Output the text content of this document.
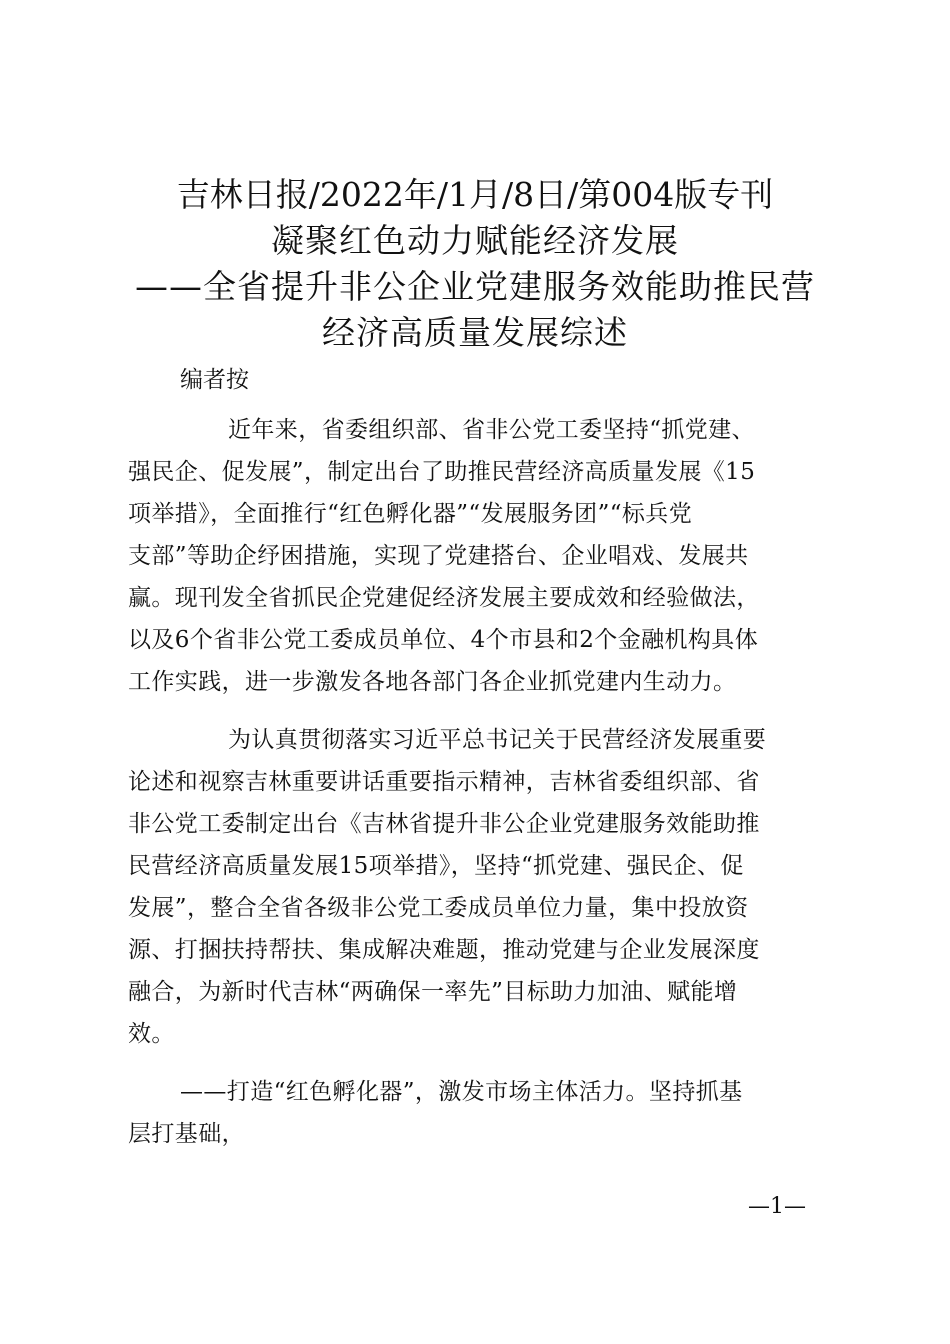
吉林日报/2022年/1月/8日/第004版专刊
凝聚红色动力赋能经济发展
——全省提升非公企业党建服务效能助推民营
经济高质量发展综述
编者按
近年来，省委组织部、省非公党工委坚持“抓党建、
强民企、促发展”，制定出台了助推民营经济高质量发展《15
项举措》，全面推行“红色孵化器”“发展服务团”“标兵党
支部”等助企纾困措施，实现了党建搭台、企业唱戏、发展共
赢。现刊发全省抓民企党建促经济发展主要成效和经验做法，
以及6个省非公党工委成员单位、4个市县和2个金融机构具体
工作实践，进一步激发各地各部门各企业抓党建内生动力。
为认真贯彻落实习近平总书记关于民营经济发展重要
论述和视察吉林重要讲话重要指示精神，吉林省委组织部、省
非公党工委制定出台《吉林省提升非公企业党建服务效能助推
民营经济高质量发展15项举措》，坚持“抓党建、强民企、促
发展”，整合全省各级非公党工委成员单位力量，集中投放资
源、打捆扶持帮扶、集成解决难题，推动党建与企业发展深度
融合，为新时代吉林“两确保一率先”目标助力加油、赋能增
效。
——打造“红色孵化器”，激发市场主体活力。坚持抓基
层打基础，
—1—
